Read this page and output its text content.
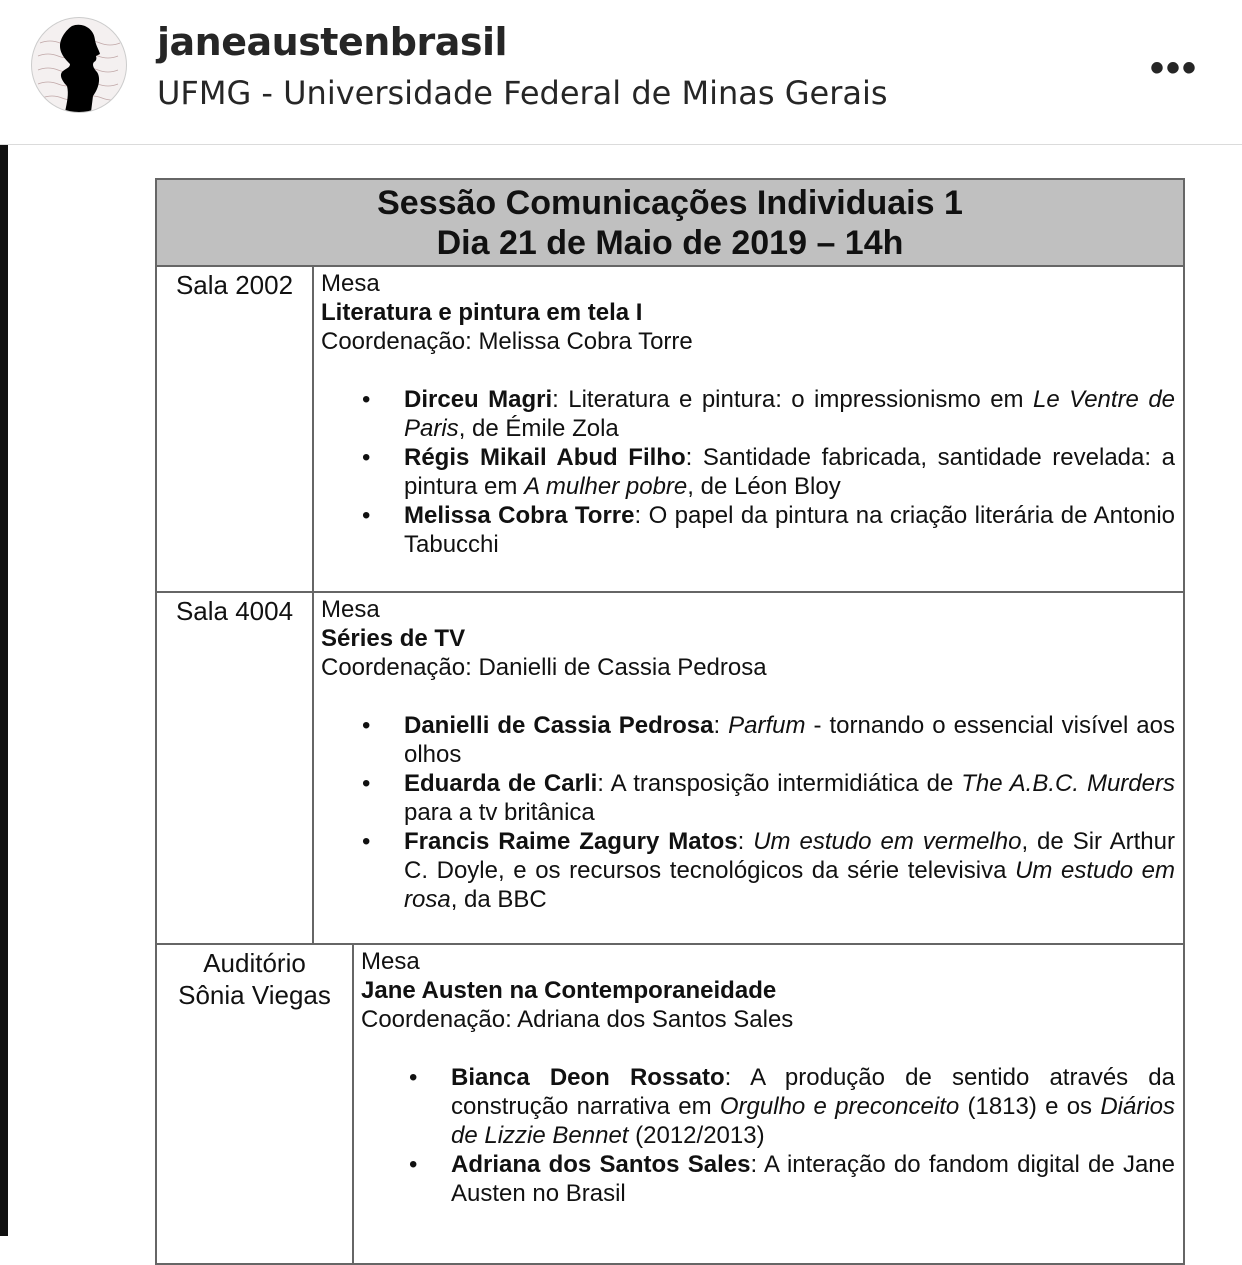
janeaustenbrasil
UFMG - Universidade Federal de Minas Gerais
•••
Sessão Comunicações Individuais 1
Dia 21 de Maio de 2019 – 14h
Sala 2002	Mesa
Literatura e pintura em tela I
Coordenação: Melissa Cobra Torre
• Dirceu Magri: Literatura e pintura: o impressionismo em Le Ventre de Paris, de Émile Zola
• Régis Mikail Abud Filho: Santidade fabricada, santidade revelada: a pintura em A mulher pobre, de Léon Bloy
• Melissa Cobra Torre: O papel da pintura na criação literária de Antonio Tabucchi
Sala 4004	Mesa
Séries de TV
Coordenação: Danielli de Cassia Pedrosa
• Danielli de Cassia Pedrosa: Parfum - tornando o essencial visível aos olhos
• Eduarda de Carli: A transposição intermidiática de The A.B.C. Murders para a tv britânica
• Francis Raime Zagury Matos: Um estudo em vermelho, de Sir Arthur C. Doyle, e os recursos tecnológicos da série televisiva Um estudo em rosa, da BBC
Auditório Sônia Viegas
Mesa
Jane Austen na Contemporaneidade
Coordenação: Adriana dos Santos Sales
• Bianca Deon Rossato: A produção de sentido através da construção narrativa em Orgulho e preconceito (1813) e os Diários de Lizzie Bennet (2012/2013)
• Adriana dos Santos Sales: A interação do fandom digital de Jane Austen no Brasil
